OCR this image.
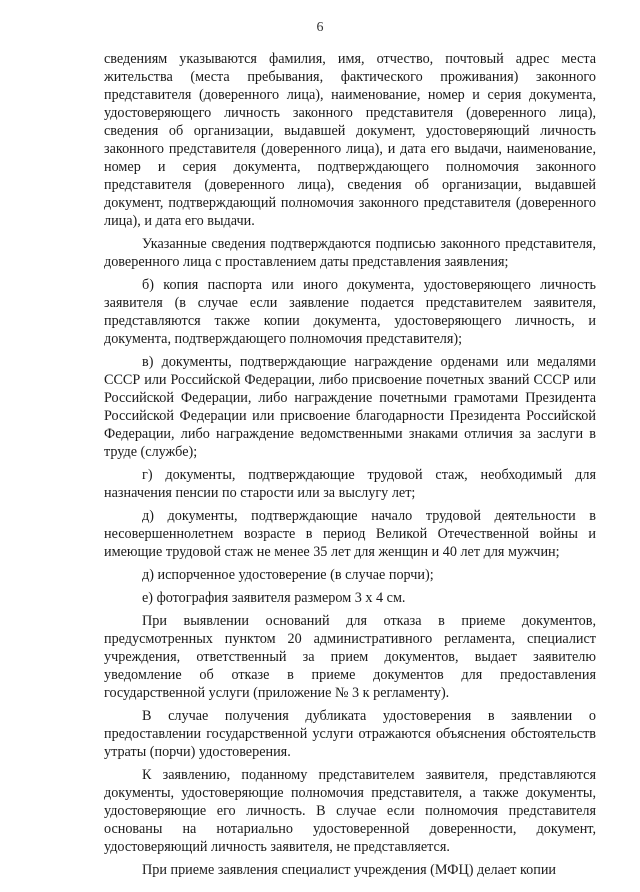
6

сведениям указываются фамилия, имя, отчество, почтовый адрес места жительства (места пребывания, фактического проживания) законного представителя (доверенного лица), наименование, номер и серия документа, удостоверяющего личность законного представителя (доверенного лица), сведения об организации, выдавшей документ, удостоверяющий личность законного представителя (доверенного лица), и дата его выдачи, наименование, номер и серия документа, подтверждающего полномочия законного представителя (доверенного лица), сведения об организации, выдавшей документ, подтверждающий полномочия законного представителя (доверенного лица), и дата его выдачи.

Указанные сведения подтверждаются подписью законного представителя, доверенного лица с проставлением даты представления заявления;

б) копия паспорта или иного документа, удостоверяющего личность заявителя (в случае если заявление подается представителем заявителя, представляются также копии документа, удостоверяющего личность, и документа, подтверждающего полномочия представителя);

в) документы, подтверждающие награждение орденами или медалями СССР или Российской Федерации, либо присвоение почетных званий СССР или Российской Федерации, либо награждение почетными грамотами Президента Российской Федерации или присвоение благодарности Президента Российской Федерации, либо награждение ведомственными знаками отличия за заслуги в труде (службе);

г) документы, подтверждающие трудовой стаж, необходимый для назначения пенсии по старости или за выслугу лет;

д) документы, подтверждающие начало трудовой деятельности в несовершеннолетнем возрасте в период Великой Отечественной войны и имеющие трудовой стаж не менее 35 лет для женщин и 40 лет для мужчин;

д) испорченное удостоверение (в случае порчи);

е) фотография заявителя размером 3 х 4 см.

При выявлении оснований для отказа в приеме документов, предусмотренных пунктом 20 административного регламента, специалист учреждения, ответственный за прием документов, выдает заявителю уведомление об отказе в приеме документов для предоставления государственной услуги (приложение № 3 к регламенту).

В случае получения дубликата удостоверения в заявлении о предоставлении государственной услуги отражаются объяснения обстоятельств утраты (порчи) удостоверения.

К заявлению, поданному представителем заявителя, представляются документы, удостоверяющие полномочия представителя, а также документы, удостоверяющие его личность. В случае если полномочия представителя основаны на нотариально удостоверенной доверенности, документ, удостоверяющий личность заявителя, не представляется.

При приеме заявления специалист учреждения (МФЦ) делает копии
